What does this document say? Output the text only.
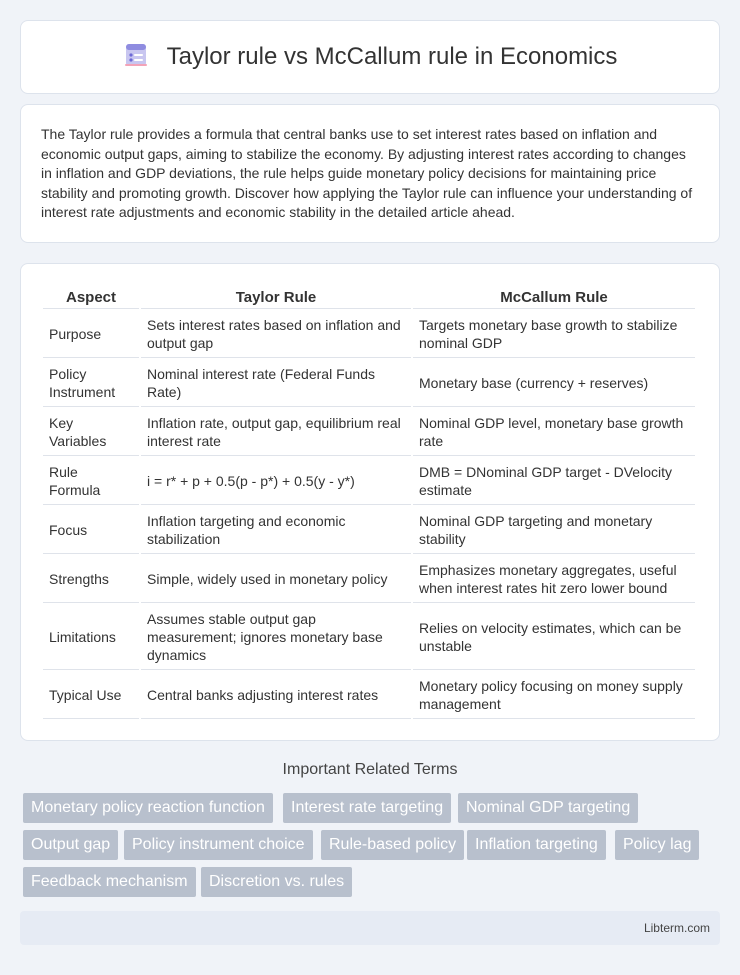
Taylor rule vs McCallum rule in Economics

The Taylor rule provides a formula that central banks use to set interest rates based on inflation and economic output gaps, aiming to stabilize the economy. By adjusting interest rates according to changes in inflation and GDP deviations, the rule helps guide monetary policy decisions for maintaining price stability and promoting growth. Discover how applying the Taylor rule can influence your understanding of interest rate adjustments and economic stability in the detailed article ahead.

Aspect	Taylor Rule	McCallum Rule
Purpose	Sets interest rates based on inflation and output gap	Targets monetary base growth to stabilize nominal GDP
Policy Instrument	Nominal interest rate (Federal Funds Rate)	Monetary base (currency + reserves)
Key Variables	Inflation rate, output gap, equilibrium real interest rate	Nominal GDP level, monetary base growth rate
Rule Formula	i = r* + p + 0.5(p - p*) + 0.5(y - y*)	DMB = DNominal GDP target - DVelocity estimate
Focus	Inflation targeting and economic stabilization	Nominal GDP targeting and monetary stability
Strengths	Simple, widely used in monetary policy	Emphasizes monetary aggregates, useful when interest rates hit zero lower bound
Limitations	Assumes stable output gap measurement; ignores monetary base dynamics	Relies on velocity estimates, which can be unstable
Typical Use	Central banks adjusting interest rates	Monetary policy focusing on money supply management
Important Related Terms
Monetary policy reaction function	Interest rate targeting	Nominal GDP targeting
Output gap	Policy instrument choice	Rule-based policy	Inflation targeting	Policy lag
Feedback mechanism	Discretion vs. rules
Libterm.com
